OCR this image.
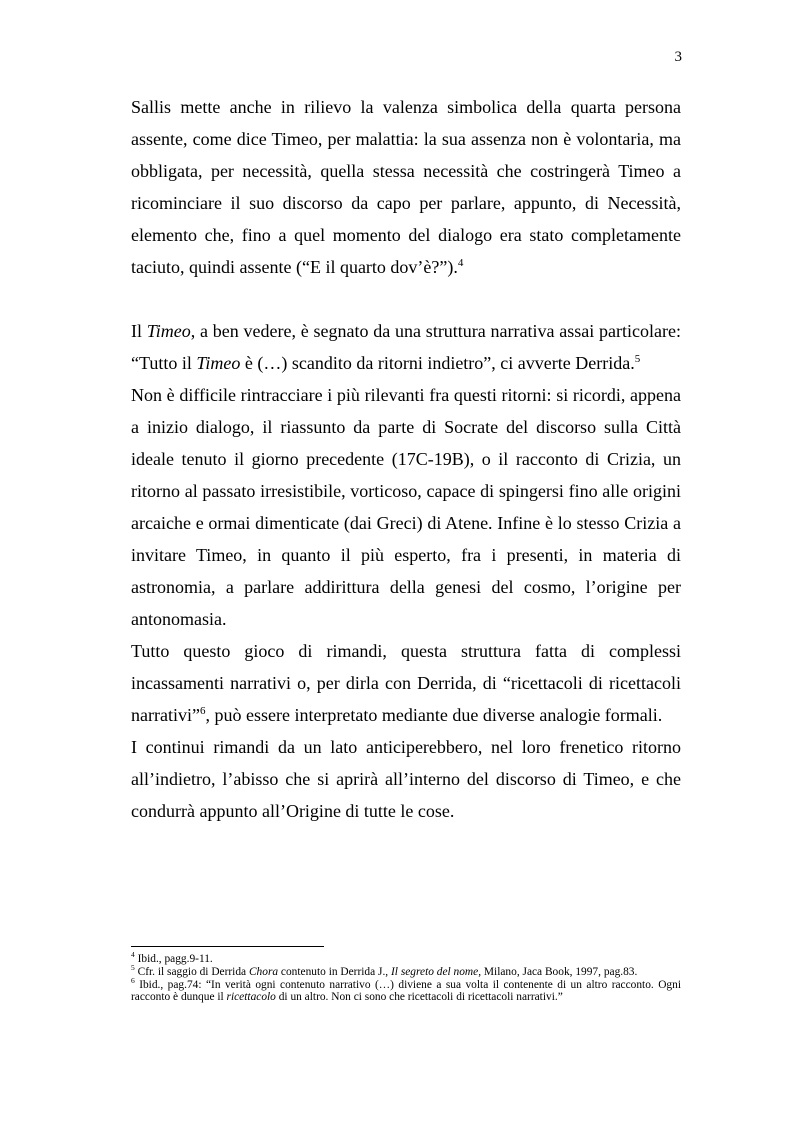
3

Sallis mette anche in rilievo la valenza simbolica della quarta persona assente, come dice Timeo, per malattia: la sua assenza non è volontaria, ma obbligata, per necessità, quella stessa necessità che costringerà Timeo a ricominciare il suo discorso da capo per parlare, appunto, di Necessità, elemento che, fino a quel momento del dialogo era stato completamente taciuto, quindi assente (“E il quarto dov’è?”).$^4$

Il Timeo, a ben vedere, è segnato da una struttura narrativa assai particolare: “Tutto il Timeo è (…) scandito da ritorni indietro”, ci avverte Derrida.$^5$

Non è difficile rintracciare i più rilevanti fra questi ritorni: si ricordi, appena a inizio dialogo, il riassunto da parte di Socrate del discorso sulla Città ideale tenuto il giorno precedente (17C-19B), o il racconto di Crizia, un ritorno al passato irresistibile, vorticoso, capace di spingersi fino alle origini arcaiche e ormai dimenticate (dai Greci) di Atene. Infine è lo stesso Crizia a invitare Timeo, in quanto il più esperto, fra i presenti, in materia di astronomia, a parlare addirittura della genesi del cosmo, l’origine per antonomasia.

Tutto questo gioco di rimandi, questa struttura fatta di complessi incassamenti narrativi o, per dirla con Derrida, di “ricettacoli di ricettacoli narrativi”$^6$, può essere interpretato mediante due diverse analogie formali.

I continui rimandi da un lato anticiperebbero, nel loro frenetico ritorno all’indietro, l’abisso che si aprirà all’interno del discorso di Timeo, e che condurrà appunto all’Origine di tutte le cose.

$^4$ Ibid., pagg.9-11.

$^5$ Cfr. il saggio di Derrida Chora contenuto in Derrida J., Il segreto del nome, Milano, Jaca Book, 1997, pag.83.

$^6$ Ibid., pag.74: “In verità ogni contenuto narrativo (…) diviene a sua volta il contenente di un altro racconto. Ogni racconto è dunque il ricettacolo di un altro. Non ci sono che ricettacoli di ricettacoli narrativi.”
